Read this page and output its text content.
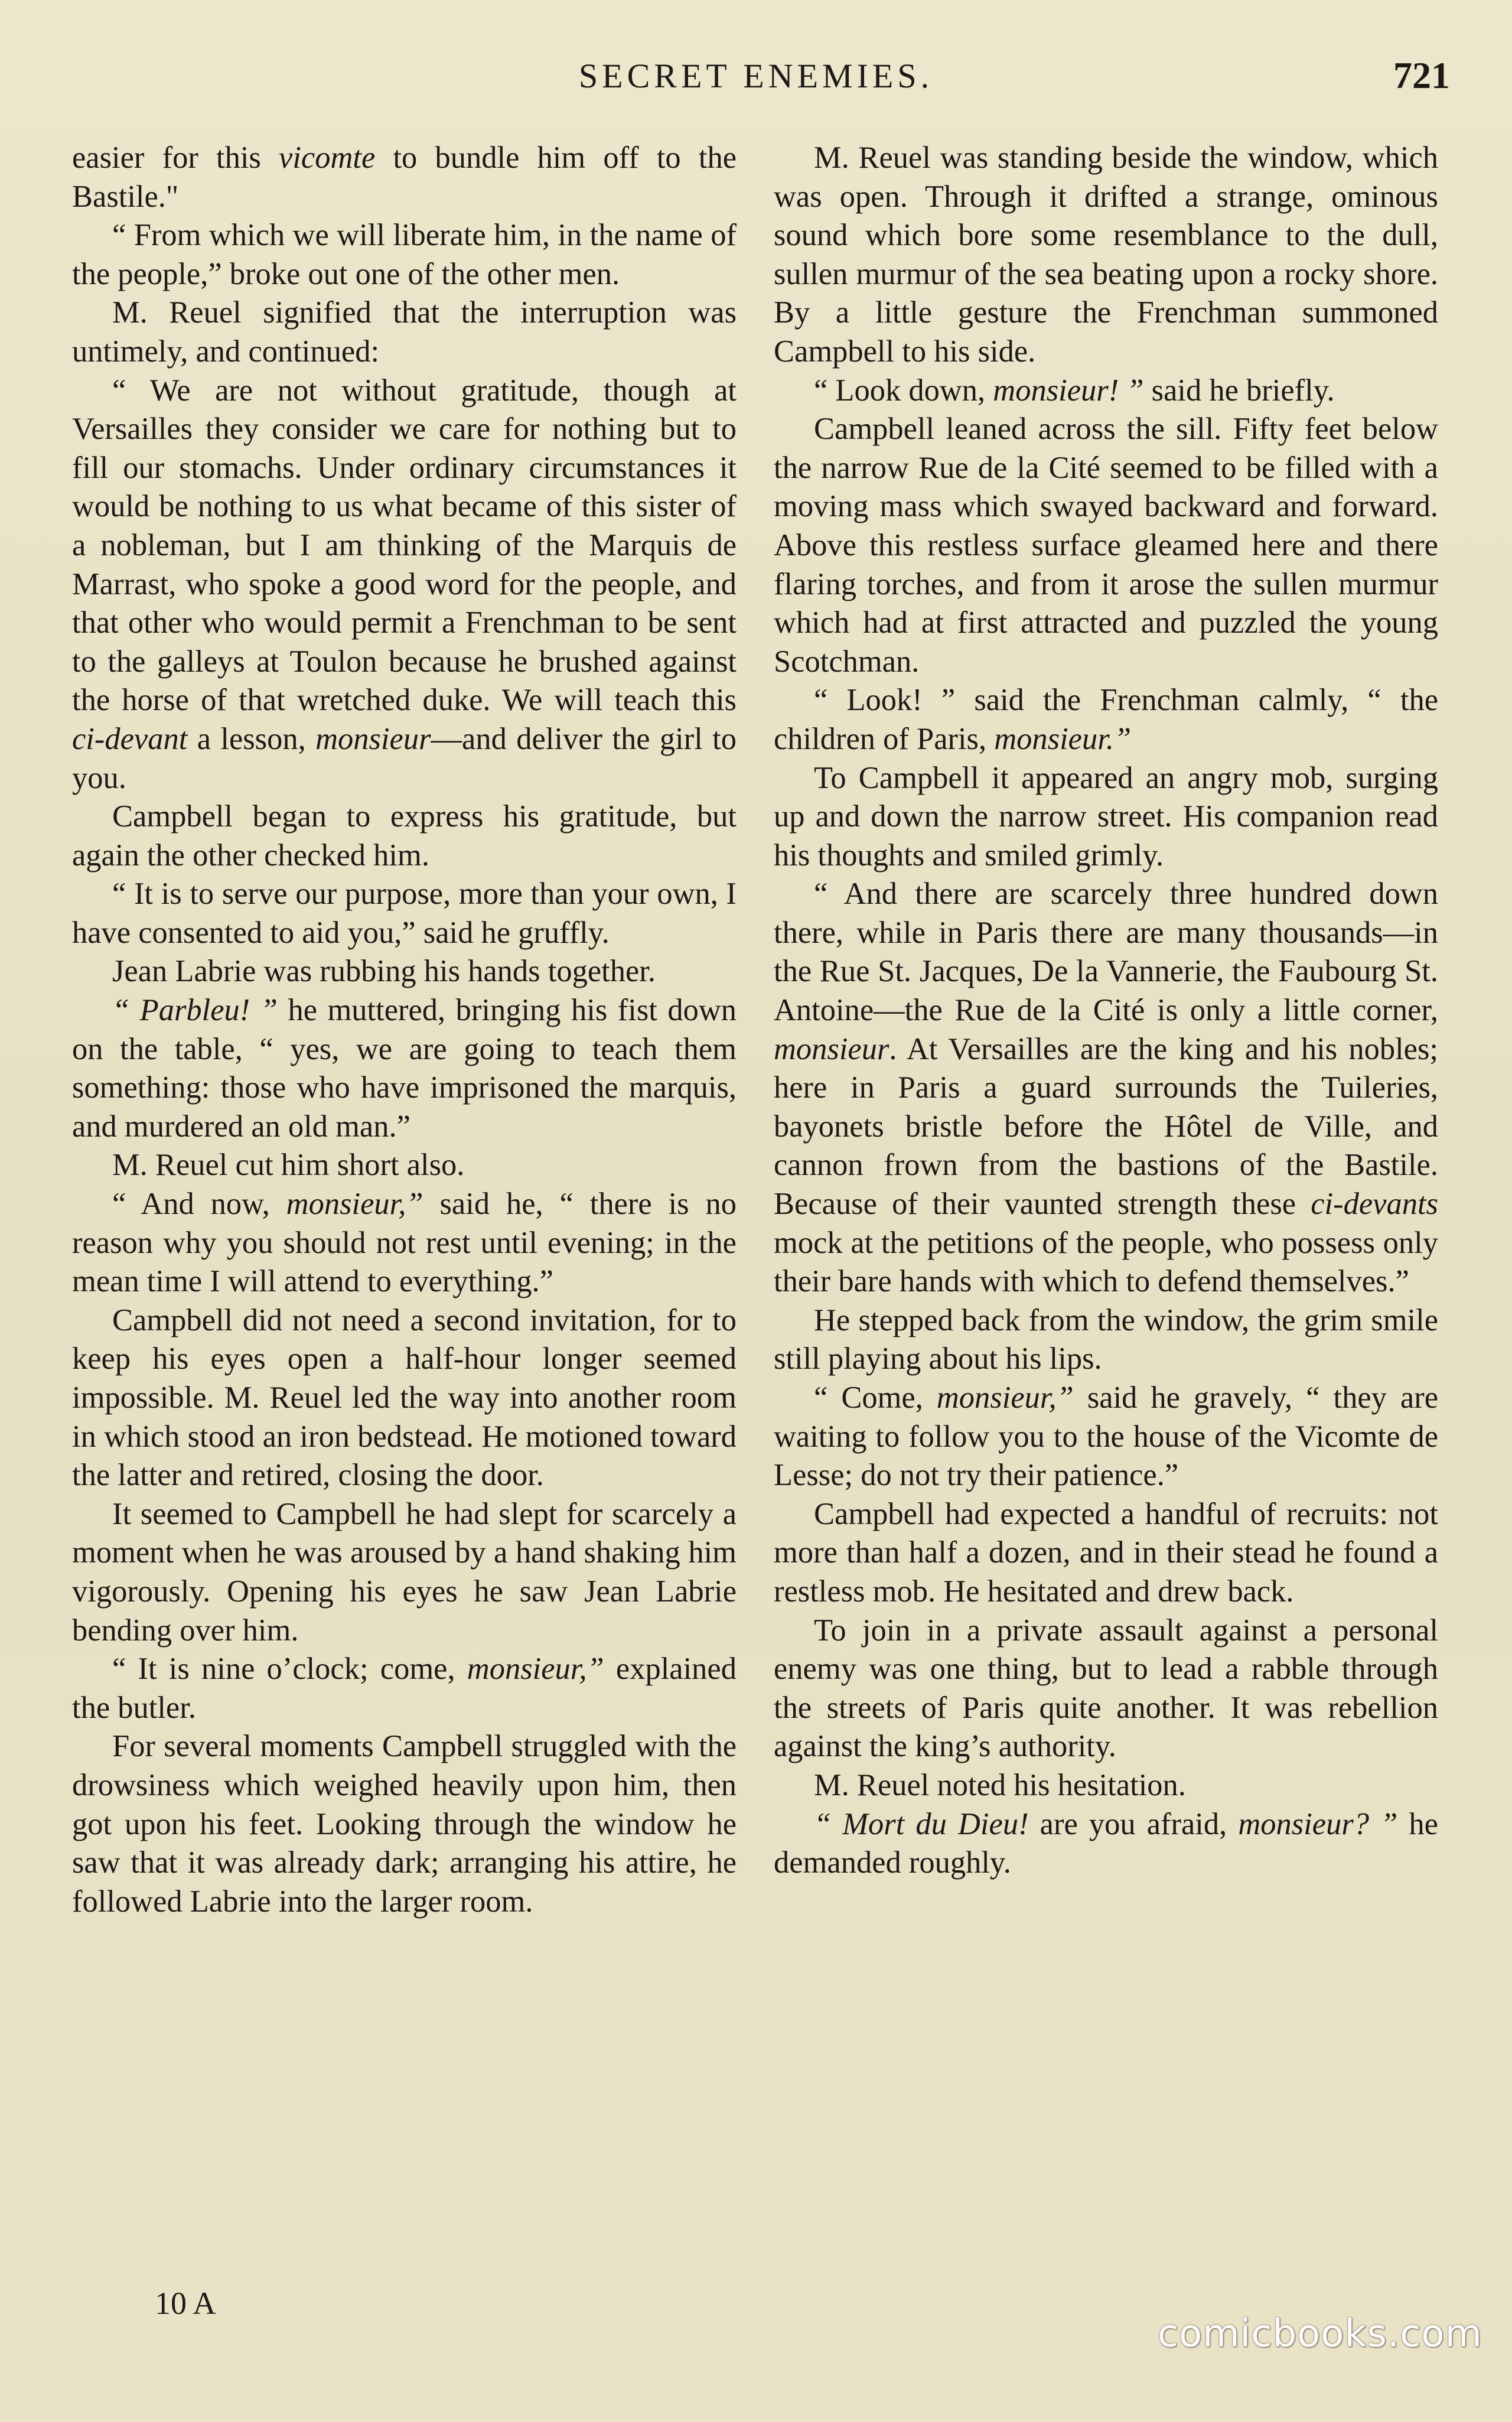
SECRET ENEMIES.	721

easier for this vicomte to bundle him off to the Bastile."

“ From which we will liberate him, in the name of the people,” broke out one of the other men.

M. Reuel signified that the interruption was untimely, and continued:

“ We are not without gratitude, though at Versailles they consider we care for nothing but to fill our stomachs. Under ordinary circumstances it would be nothing to us what became of this sister of a nobleman, but I am thinking of the Marquis de Marrast, who spoke a good word for the people, and that other who would permit a Frenchman to be sent to the galleys at Toulon because he brushed against the horse of that wretched duke. We will teach this ci-devant a lesson, monsieur—and deliver the girl to you.

Campbell began to express his gratitude, but again the other checked him.

“ It is to serve our purpose, more than your own, I have consented to aid you,” said he gruffly.

Jean Labrie was rubbing his hands together.

“ Parbleu! ” he muttered, bringing his fist down on the table, “ yes, we are going to teach them something: those who have imprisoned the marquis, and murdered an old man.”

M. Reuel cut him short also.

“ And now, monsieur,” said he, “ there is no reason why you should not rest until evening; in the mean time I will attend to everything.”

Campbell did not need a second invitation, for to keep his eyes open a half-hour longer seemed impossible. M. Reuel led the way into another room in which stood an iron bedstead. He motioned toward the latter and retired, closing the door.

It seemed to Campbell he had slept for scarcely a moment when he was aroused by a hand shaking him vigorously. Opening his eyes he saw Jean Labrie bending over him.

“ It is nine o’clock; come, monsieur,” explained the butler.

For several moments Campbell struggled with the drowsiness which weighed heavily upon him, then got upon his feet. Looking through the window he saw that it was already dark; arranging his attire, he followed Labrie into the larger room.

M. Reuel was standing beside the window, which was open. Through it drifted a strange, ominous sound which bore some resemblance to the dull, sullen murmur of the sea beating upon a rocky shore. By a little gesture the Frenchman summoned Campbell to his side.

“ Look down, monsieur! ” said he briefly.

Campbell leaned across the sill. Fifty feet below the narrow Rue de la Cité seemed to be filled with a moving mass which swayed backward and forward. Above this restless surface gleamed here and there flaring torches, and from it arose the sullen murmur which had at first attracted and puzzled the young Scotchman.

“ Look! ” said the Frenchman calmly, “ the children of Paris, monsieur.”

To Campbell it appeared an angry mob, surging up and down the narrow street. His companion read his thoughts and smiled grimly.

“ And there are scarcely three hundred down there, while in Paris there are many thousands—in the Rue St. Jacques, De la Vannerie, the Faubourg St. Antoine—the Rue de la Cité is only a little corner, monsieur. At Versailles are the king and his nobles; here in Paris a guard surrounds the Tuileries, bayonets bristle before the Hôtel de Ville, and cannon frown from the bastions of the Bastile. Because of their vaunted strength these ci-devants mock at the petitions of the people, who possess only their bare hands with which to defend themselves.”

He stepped back from the window, the grim smile still playing about his lips.

“ Come, monsieur,” said he gravely, “ they are waiting to follow you to the house of the Vicomte de Lesse; do not try their patience.”

Campbell had expected a handful of recruits: not more than half a dozen, and in their stead he found a restless mob. He hesitated and drew back.

To join in a private assault against a personal enemy was one thing, but to lead a rabble through the streets of Paris quite another. It was rebellion against the king’s authority.

M. Reuel noted his hesitation.

“ Mort du Dieu! are you afraid, monsieur? ” he demanded roughly.

10 A
comicbooks.com
